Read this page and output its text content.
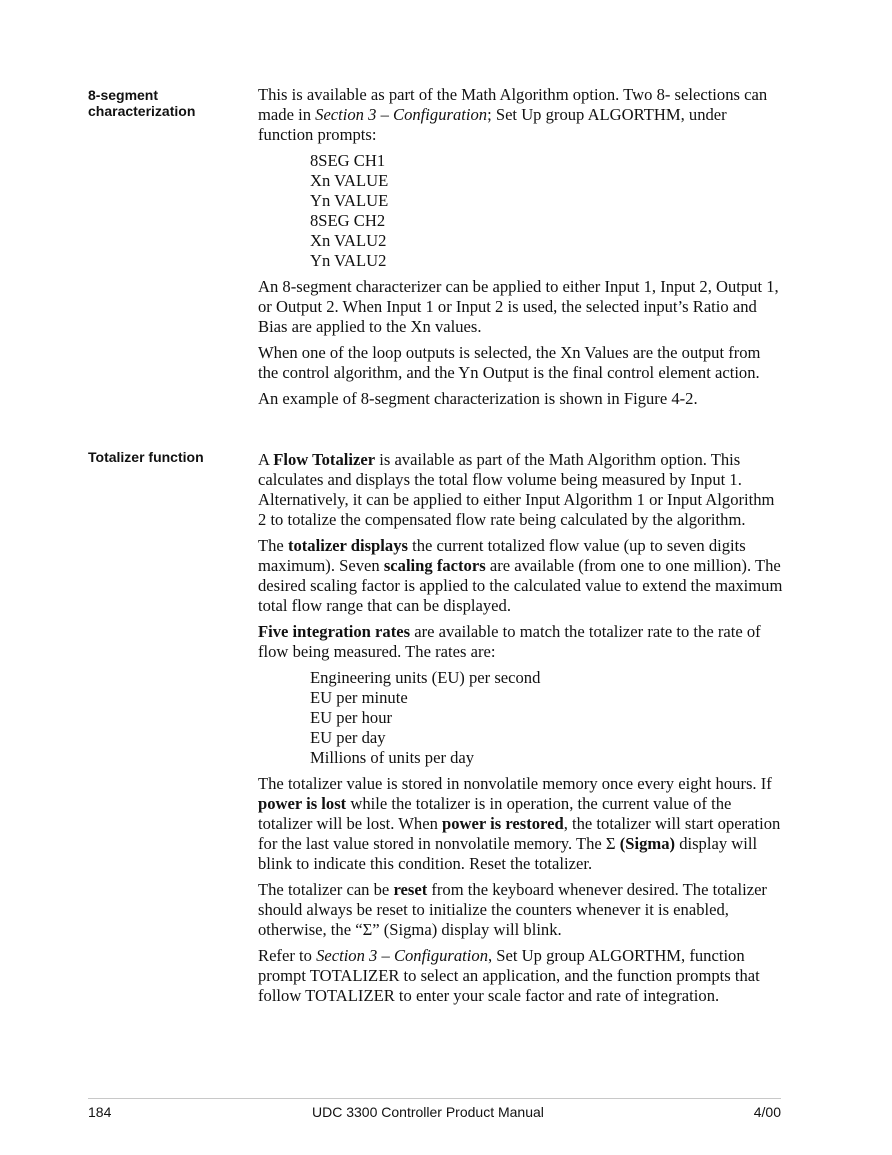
8-segment
characterization

This is available as part of the Math Algorithm option. Two 8- selections can made in Section 3 – Configuration; Set Up group ALGORTHM, under function prompts:

8SEG CH1
Xn VALUE
Yn VALUE
8SEG CH2
Xn VALU2
Yn VALU2

An 8-segment characterizer can be applied to either Input 1, Input 2, Output 1, or Output 2. When Input 1 or Input 2 is used, the selected input’s Ratio and Bias are applied to the Xn values.

When one of the loop outputs is selected, the Xn Values are the output from the control algorithm, and the Yn Output is the final control element action.

An example of 8-segment characterization is shown in Figure 4-2.

Totalizer function	A Flow Totalizer is available as part of the Math Algorithm option. This calculates and displays the total flow volume being measured by Input 1. Alternatively, it can be applied to either Input Algorithm 1 or Input Algorithm 2 to totalize the compensated flow rate being calculated by the algorithm.

The totalizer displays the current totalized flow value (up to seven digits maximum). Seven scaling factors are available (from one to one million). The desired scaling factor is applied to the calculated value to extend the maximum total flow range that can be displayed.

Five integration rates are available to match the totalizer rate to the rate of flow being measured. The rates are:

Engineering units (EU) per second
EU per minute
EU per hour
EU per day
Millions of units per day

The totalizer value is stored in nonvolatile memory once every eight hours. If power is lost while the totalizer is in operation, the current value of the totalizer will be lost. When power is restored, the totalizer will start operation for the last value stored in nonvolatile memory. The Σ (Sigma) display will blink to indicate this condition. Reset the totalizer.

The totalizer can be reset from the keyboard whenever desired. The totalizer should always be reset to initialize the counters whenever it is enabled, otherwise, the “Σ” (Sigma) display will blink.

Refer to Section 3 – Configuration, Set Up group ALGORTHM, function prompt TOTALIZER to select an application, and the function prompts that follow TOTALIZER to enter your scale factor and rate of integration.

184	UDC 3300 Controller Product Manual	4/00
